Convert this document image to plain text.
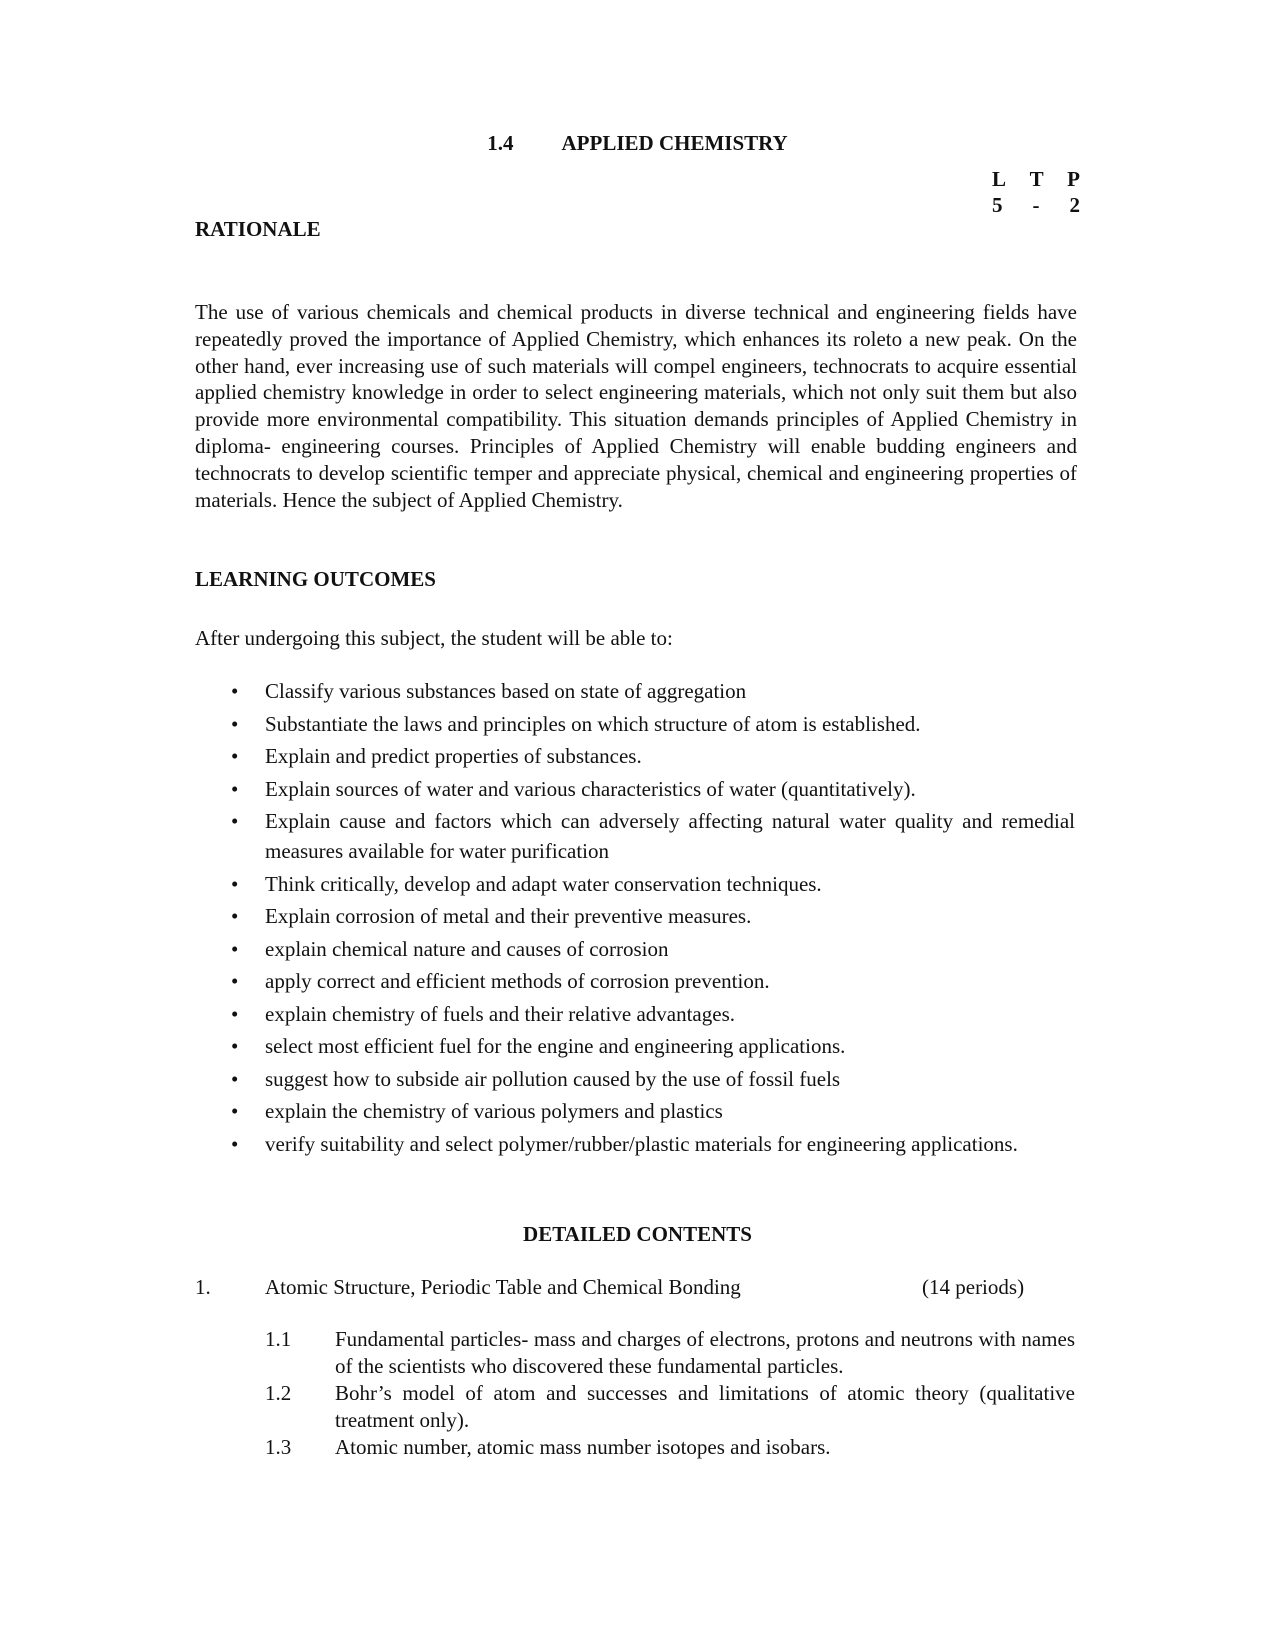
1.4 APPLIED CHEMISTRY
L T P
5 - 2
RATIONALE

The use of various chemicals and chemical products in diverse technical and engineering fields have repeatedly proved the importance of Applied Chemistry, which enhances its roleto a new peak. On the other hand, ever increasing use of such materials will compel engineers, technocrats to acquire essential applied chemistry knowledge in order to select engineering materials, which not only suit them but also provide more environmental compatibility. This situation demands principles of Applied Chemistry in diploma- engineering courses. Principles of Applied Chemistry will enable budding engineers and technocrats to develop scientific temper and appreciate physical, chemical and engineering properties of materials. Hence the subject of Applied Chemistry.

LEARNING OUTCOMES
After undergoing this subject, the student will be able to:
• Classify various substances based on state of aggregation
• Substantiate the laws and principles on which structure of atom is established.
• Explain and predict properties of substances.
• Explain sources of water and various characteristics of water (quantitatively).
• Explain cause and factors which can adversely affecting natural water quality and remedial measures available for water purification
• Think critically, develop and adapt water conservation techniques.
• Explain corrosion of metal and their preventive measures.
• explain chemical nature and causes of corrosion
• apply correct and efficient methods of corrosion prevention.
• explain chemistry of fuels and their relative advantages.
• select most efficient fuel for the engine and engineering applications.
• suggest how to subside air pollution caused by the use of fossil fuels
• explain the chemistry of various polymers and plastics
• verify suitability and select polymer/rubber/plastic materials for engineering applications.
DETAILED CONTENTS
1.	Atomic Structure, Periodic Table and Chemical Bonding	(14 periods)
1.1 Fundamental particles- mass and charges of electrons, protons and neutrons with names of the scientists who discovered these fundamental particles.
1.2 Bohr’s model of atom and successes and limitations of atomic theory (qualitative treatment only).
1.3 Atomic number, atomic mass number isotopes and isobars.
